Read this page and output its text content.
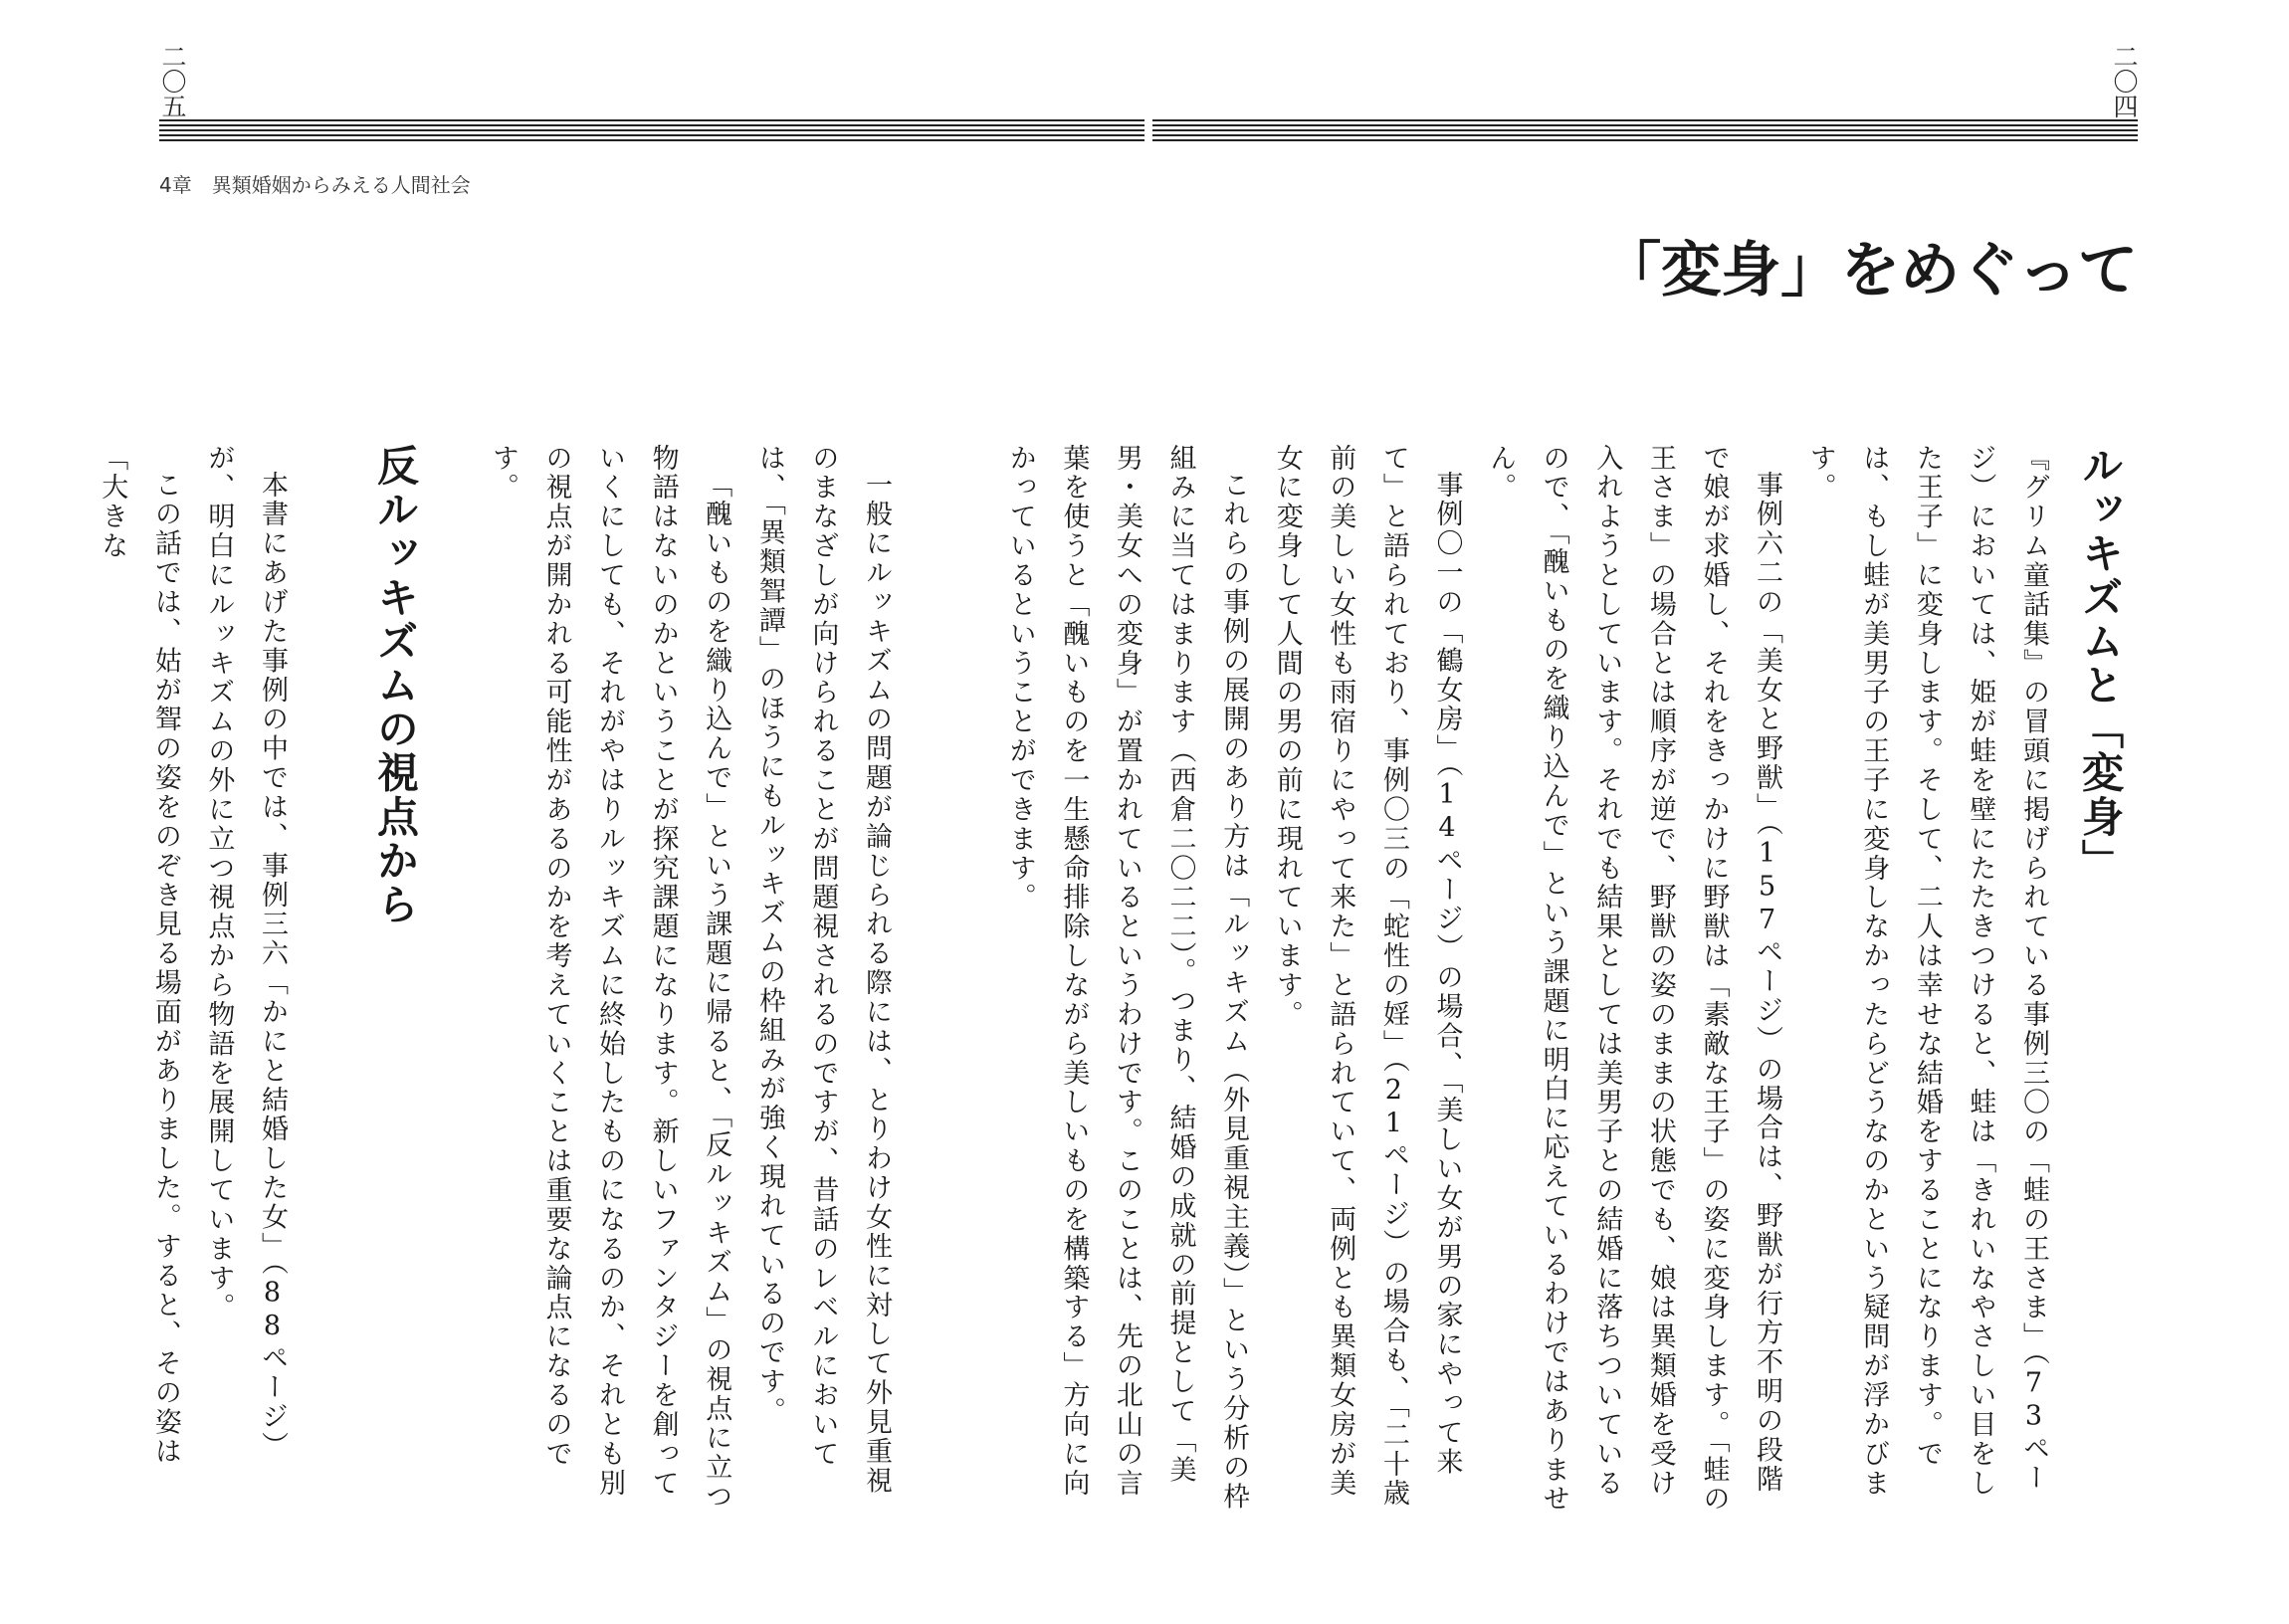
二〇五	二〇四
4章　異類婚姻からみえる人間社会
「変身」をめぐって
ルッキズムと「変身」

『グリム童話集』の冒頭に掲げられている事例三〇の「蛙の王さま」（73ページ）においては、姫が蛙を壁にたたきつけると、蛙は「きれいなやさしい目をした王子」に変身します。そして、二人は幸せな結婚をすることになります。では、もし蛙が美男子の王子に変身しなかったらどうなのかという疑問が浮かびます。

事例六二の「美女と野獣」（157ページ）の場合は、野獣が行方不明の段階で娘が求婚し、それをきっかけに野獣は「素敵な王子」の姿に変身します。「蛙の王さま」の場合とは順序が逆で、野獣の姿のままの状態でも、娘は異類婚を受け入れようとしています。それでも結果としては美男子との結婚に落ちついているので、「醜いものを織り込んで」という課題に明白に応えているわけではありません。

事例〇一の「鶴女房」（14ページ）の場合、「美しい女が男の家にやって来て」と語られており、事例〇三の「蛇性の婬」（21ページ）の場合も、「二十歳前の美しい女性も雨宿りにやって来た」と語られていて、両例とも異類女房が美女に変身して人間の男の前に現れています。

これらの事例の展開のあり方は「ルッキズム（外見重視主義）」という分析の枠組みに当てはまります（西倉二〇二二）。つまり、結婚の成就の前提として「美男・美女への変身」が置かれているというわけです。このことは、先の北山の言葉を使うと「醜いものを一生懸命排除しながら美しいものを構築する」方向に向かっているということができます。

一般にルッキズムの問題が論じられる際には、とりわけ女性に対して外見重視のまなざしが向けられることが問題視されるのですが、昔話のレベルにおいては、「異類聟譚」のほうにもルッキズムの枠組みが強く現れているのです。

「醜いものを織り込んで」という課題に帰ると、「反ルッキズム」の視点に立つ物語はないのかということが探究課題になります。新しいファンタジーを創っていくにしても、それがやはりルッキズムに終始したものになるのか、それとも別の視点が開かれる可能性があるのかを考えていくことは重要な論点になるのです。

反ルッキズムの視点から

本書にあげた事例の中では、事例三六「かにと結婚した女」（88ページ）が、明白にルッキズムの外に立つ視点から物語を展開しています。

この話では、姑が聟の姿をのぞき見る場面がありました。すると、その姿は「大きな
